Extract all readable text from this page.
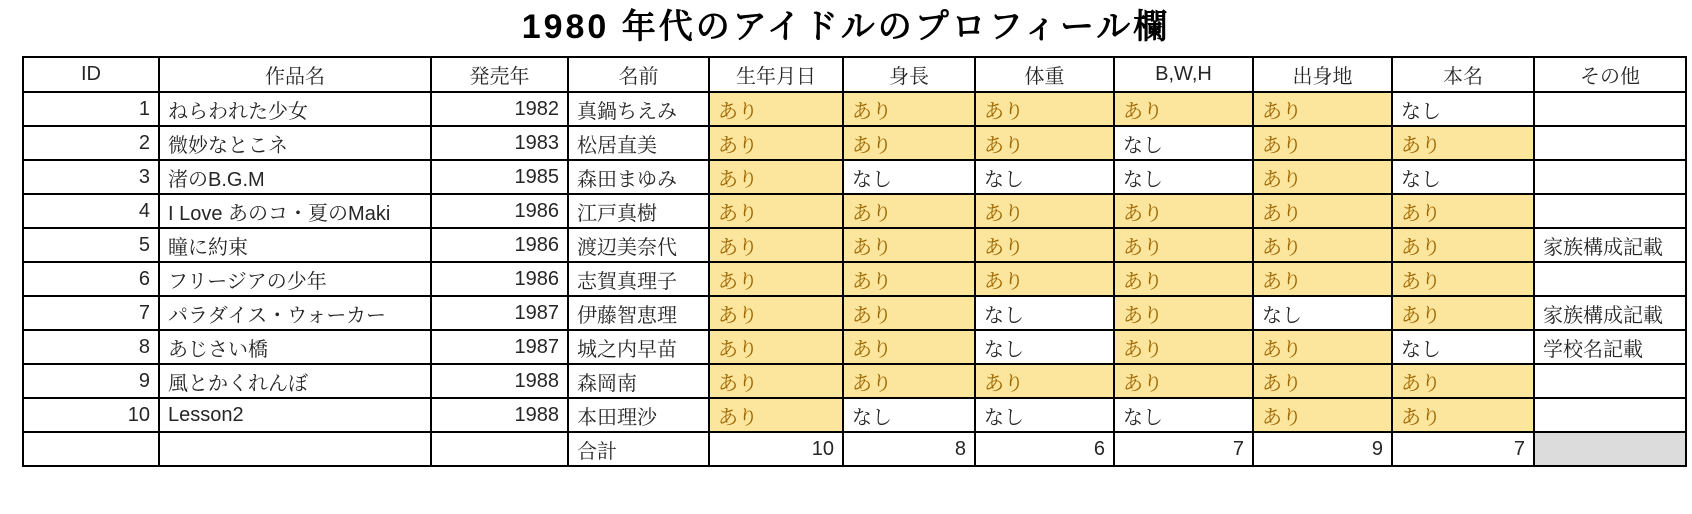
1980 年代のアイドルのプロフィール欄
ID	作品名	発売年	名前	生年月日	身長	体重	B,W,H	出身地	本名	その他
1	ねらわれた少女	1982	真鍋ちえみ	あり	あり	あり	あり	あり	なし	
2	微妙なとこネ	1983	松居直美	あり	あり	あり	なし	あり	あり	
3	渚のB.G.M	1985	森田まゆみ	あり	なし	なし	なし	あり	なし	
4	I Love あのコ・夏のMaki	1986	江戸真樹	あり	あり	あり	あり	あり	あり	
5	瞳に約束	1986	渡辺美奈代	あり	あり	あり	あり	あり	あり	家族構成記載
6	フリージアの少年	1986	志賀真理子	あり	あり	あり	あり	あり	あり	
7	パラダイス・ウォーカー	1987	伊藤智恵理	あり	あり	なし	あり	なし	あり	家族構成記載
8	あじさい橋	1987	城之内早苗	あり	あり	なし	あり	あり	なし	学校名記載
9	風とかくれんぼ	1988	森岡南	あり	あり	あり	あり	あり	あり	
10	Lesson2	1988	本田理沙	あり	なし	なし	なし	あり	あり	
			合計	10	8	6	7	9	7	
